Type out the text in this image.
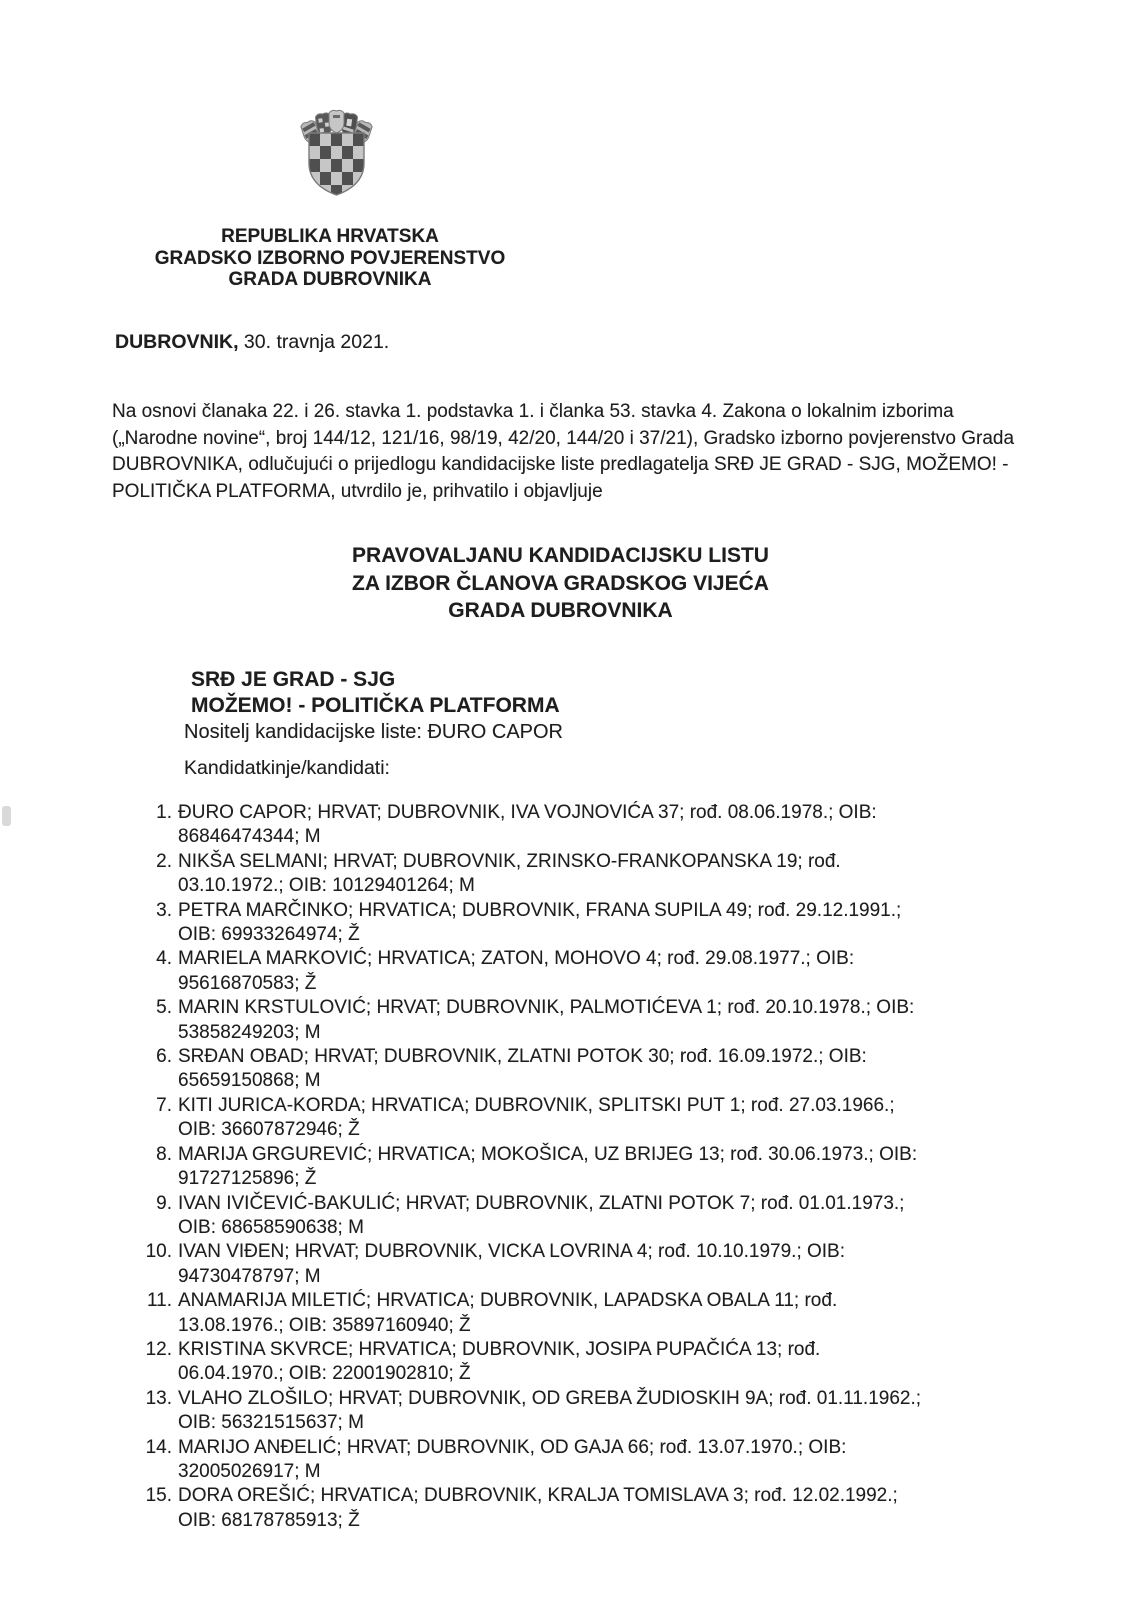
REPUBLIKA HRVATSKA
GRADSKO IZBORNO POVJERENSTVO
GRADA DUBROVNIKA
DUBROVNIK, 30. travnja 2021.

Na osnovi članaka 22. i 26. stavka 1. podstavka 1. i članka 53. stavka 4. Zakona o lokalnim izborima („Narodne novine“, broj 144/12, 121/16, 98/19, 42/20, 144/20 i 37/21), Gradsko izborno povjerenstvo Grada DUBROVNIKA, odlučujući o prijedlogu kandidacijske liste predlagatelja SRĐ JE GRAD - SJG, MOŽEMO! - POLITIČKA PLATFORMA, utvrdilo je, prihvatilo i objavljuje

PRAVOVALJANU KANDIDACIJSKU LISTU
ZA IZBOR ČLANOVA GRADSKOG VIJEĆA
GRADA DUBROVNIKA
SRĐ JE GRAD - SJG
MOŽEMO! - POLITIČKA PLATFORMA
Nositelj kandidacijske liste: ĐURO CAPOR
Kandidatkinje/kandidati:
1. ĐURO CAPOR; HRVAT; DUBROVNIK, IVA VOJNOVIĆA 37; rođ. 08.06.1978.; OIB:
86846474344; M
2. NIKŠA SELMANI; HRVAT; DUBROVNIK, ZRINSKO-FRANKOPANSKA 19; rođ.
03.10.1972.; OIB: 10129401264; M
3. PETRA MARČINKO; HRVATICA; DUBROVNIK, FRANA SUPILA 49; rođ. 29.12.1991.;
OIB: 69933264974; Ž
4. MARIELA MARKOVIĆ; HRVATICA; ZATON, MOHOVO 4; rođ. 29.08.1977.; OIB:
95616870583; Ž
5. MARIN KRSTULOVIĆ; HRVAT; DUBROVNIK, PALMOTIĆEVA 1; rođ. 20.10.1978.; OIB:
53858249203; M
6. SRĐAN OBAD; HRVAT; DUBROVNIK, ZLATNI POTOK 30; rođ. 16.09.1972.; OIB:
65659150868; M
7. KITI JURICA-KORDA; HRVATICA; DUBROVNIK, SPLITSKI PUT 1; rođ. 27.03.1966.;
OIB: 36607872946; Ž
8. MARIJA GRGUREVIĆ; HRVATICA; MOKOŠICA, UZ BRIJEG 13; rođ. 30.06.1973.; OIB:
91727125896; Ž
9. IVAN IVIČEVIĆ-BAKULIĆ; HRVAT; DUBROVNIK, ZLATNI POTOK 7; rođ. 01.01.1973.;
OIB: 68658590638; M
10. IVAN VIĐEN; HRVAT; DUBROVNIK, VICKA LOVRINA 4; rođ. 10.10.1979.; OIB:
94730478797; M
11. ANAMARIJA MILETIĆ; HRVATICA; DUBROVNIK, LAPADSKA OBALA 11; rođ.
13.08.1976.; OIB: 35897160940; Ž
12. KRISTINA SKVRCE; HRVATICA; DUBROVNIK, JOSIPA PUPAČIĆA 13; rođ.
06.04.1970.; OIB: 22001902810; Ž
13. VLAHO ZLOŠILO; HRVAT; DUBROVNIK, OD GREBA ŽUDIOSKIH 9A; rođ. 01.11.1962.;
OIB: 56321515637; M
14. MARIJO ANĐELIĆ; HRVAT; DUBROVNIK, OD GAJA 66; rođ. 13.07.1970.; OIB:
32005026917; M
15. DORA OREŠIĆ; HRVATICA; DUBROVNIK, KRALJA TOMISLAVA 3; rođ. 12.02.1992.;
OIB: 68178785913; Ž
